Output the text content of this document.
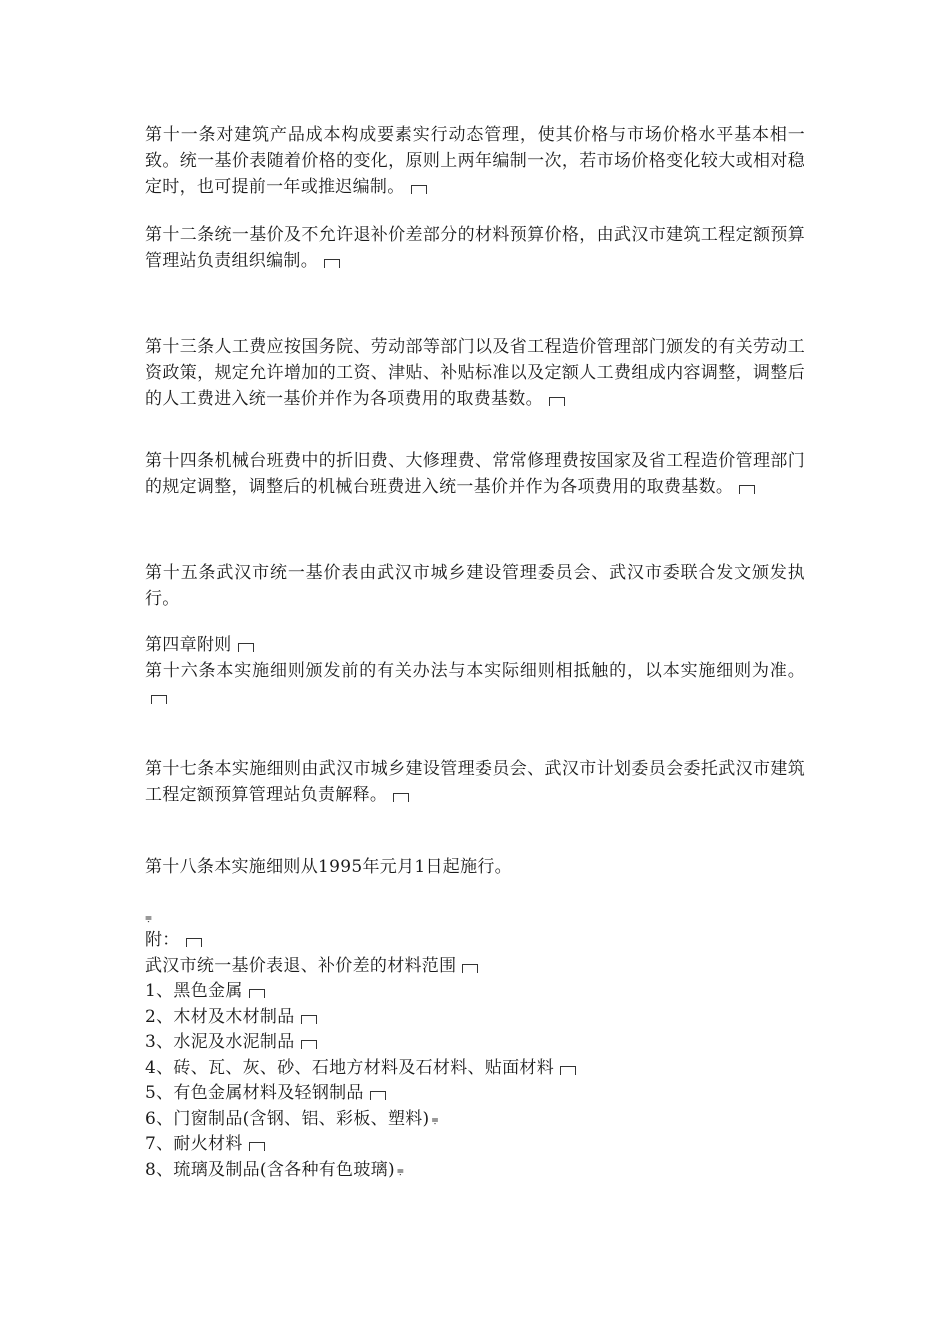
第十一条对建筑产品成本构成要素实行动态管理，使其价格与市场价格水平基本相一致。统一基价表随着价格的变化，原则上两年编制一次，若市场价格变化较大或相对稳定时，也可提前一年或推迟编制。

第十二条统一基价及不允许退补价差部分的材料预算价格，由武汉市建筑工程定额预算管理站负责组织编制。

第十三条人工费应按国务院、劳动部等部门以及省工程造价管理部门颁发的有关劳动工资政策，规定允许增加的工资、津贴、补贴标准以及定额人工费组成内容调整，调整后的人工费进入统一基价并作为各项费用的取费基数。

第十四条机械台班费中的折旧费、大修理费、常常修理费按国家及省工程造价管理部门的规定调整，调整后的机械台班费进入统一基价并作为各项费用的取费基数。

第十五条武汉市统一基价表由武汉市城乡建设管理委员会、武汉市委联合发文颁发执行。

第四章附则

第十六条本实施细则颁发前的有关办法与本实际细则相抵触的，以本实施细则为准。

第十七条本实施细则由武汉市城乡建设管理委员会、武汉市计划委员会委托武汉市建筑工程定额预算管理站负责解释。

第十八条本实施细则从1995年元月1日起施行。

⩦

附：

武汉市统一基价表退、补价差的材料范围

1、黑色金属

2、木材及木材制品

3、水泥及水泥制品

4、砖、瓦、灰、砂、石地方材料及石材料、贴面材料

5、有色金属材料及轻钢制品

6、门窗制品(含钢、铝、彩板、塑料) ⩦

7、耐火材料

8、琉璃及制品(含各种有色玻璃) ⩦
